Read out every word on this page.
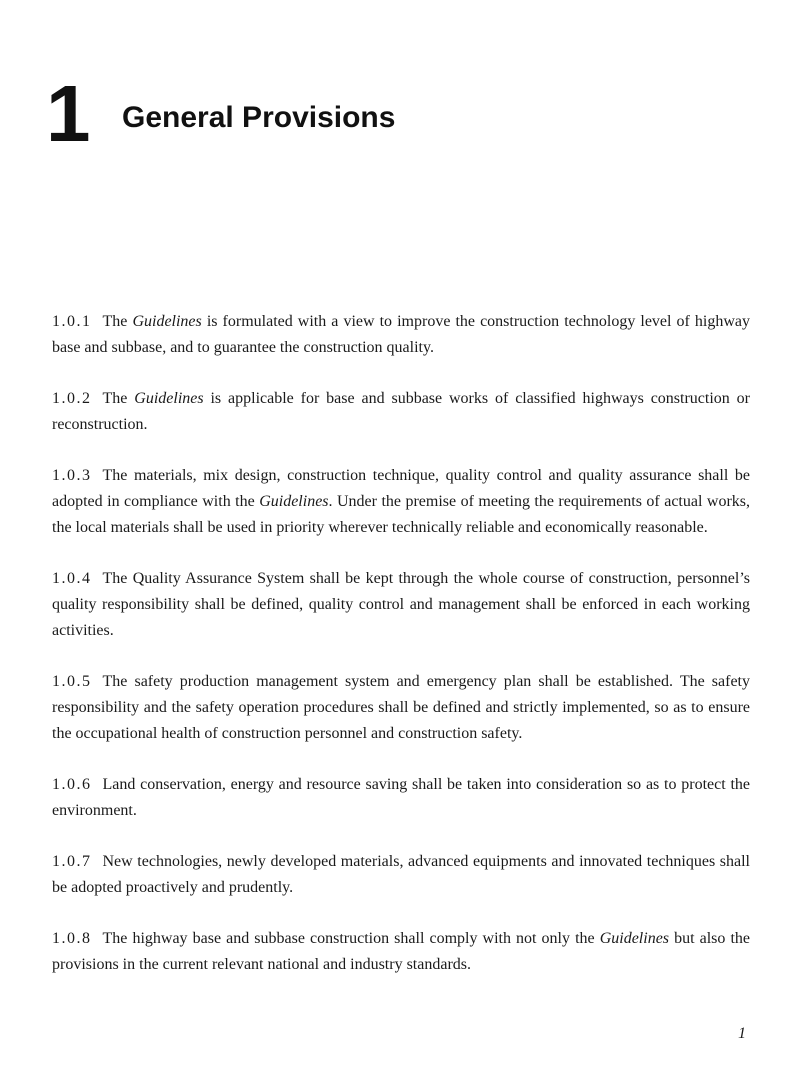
1 General Provisions

1.0.1 The Guidelines is formulated with a view to improve the construction technology level of highway base and subbase, and to guarantee the construction quality.

1.0.2 The Guidelines is applicable for base and subbase works of classified highways construction or reconstruction.

1.0.3 The materials, mix design, construction technique, quality control and quality assurance shall be adopted in compliance with the Guidelines. Under the premise of meeting the requirements of actual works, the local materials shall be used in priority wherever technically reliable and economically reasonable.

1.0.4 The Quality Assurance System shall be kept through the whole course of construction, personnel’s quality responsibility shall be defined, quality control and management shall be enforced in each working activities.

1.0.5 The safety production management system and emergency plan shall be established. The safety responsibility and the safety operation procedures shall be defined and strictly implemented, so as to ensure the occupational health of construction personnel and construction safety.

1.0.6 Land conservation, energy and resource saving shall be taken into consideration so as to protect the environment.

1.0.7 New technologies, newly developed materials, advanced equipments and innovated techniques shall be adopted proactively and prudently.

1.0.8 The highway base and subbase construction shall comply with not only the Guidelines but also the provisions in the current relevant national and industry standards.

1
